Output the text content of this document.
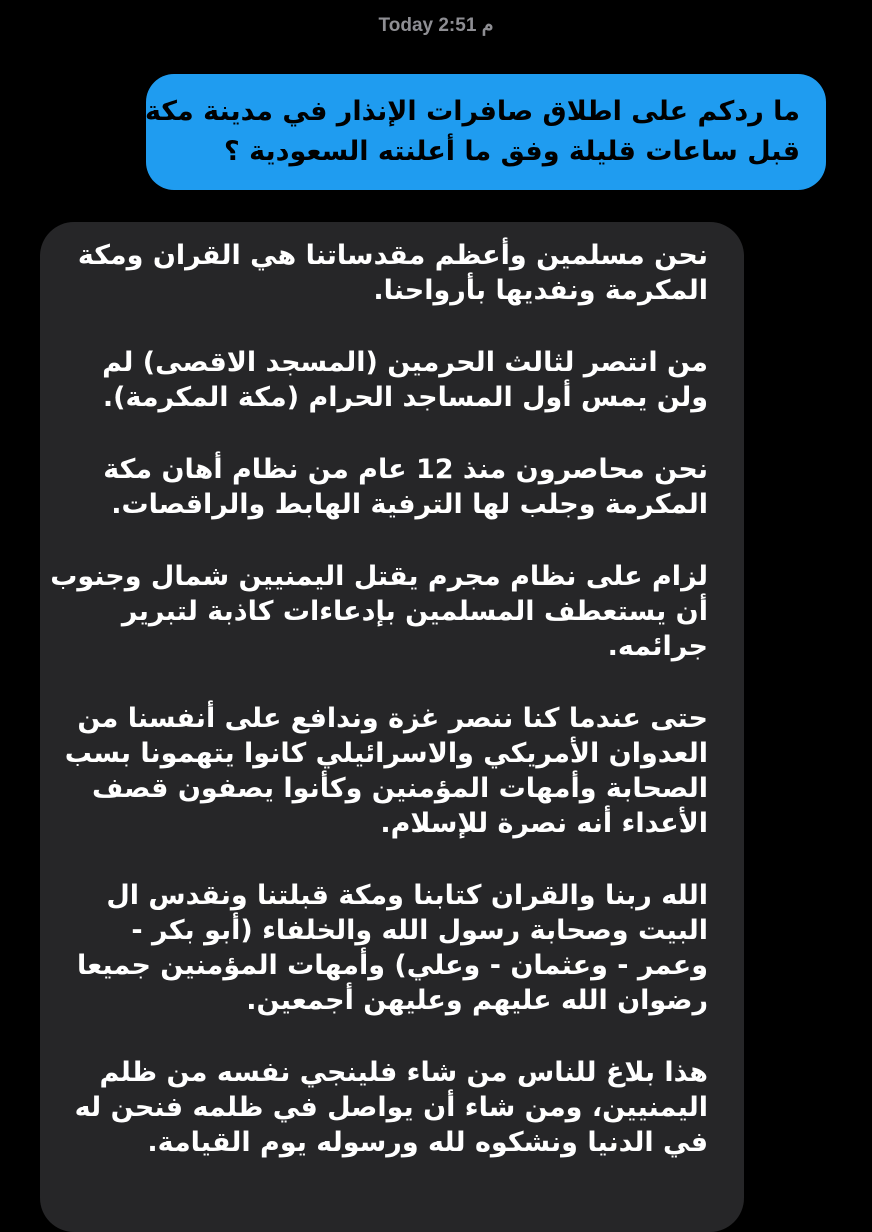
Today 2:51 م
ما ردكم على اطلاق صافرات الإنذار في مدينة مكة
قبل ساعات قليلة وفق ما أعلنته السعودية ؟
نحن مسلمين وأعظم مقدساتنا هي القران ومكة
المكرمة ونفديها بأرواحنا.
من انتصر لثالث الحرمين (المسجد الاقصى) لم
ولن يمس أول المساجد الحرام (مكة المكرمة).
نحن محاصرون منذ 12 عام من نظام أهان مكة
المكرمة وجلب لها الترفية الهابط والراقصات.
لزام على نظام مجرم يقتل اليمنيين شمال وجنوب
أن يستعطف المسلمين بإدعاءات كاذبة لتبرير
جرائمه.
حتى عندما كنا ننصر غزة وندافع على أنفسنا من
العدوان الأمريكي والاسرائيلي كانوا يتهمونا بسب
الصحابة وأمهات المؤمنين وكأنوا يصفون قصف
الأعداء أنه نصرة للإسلام.
الله ربنا والقران كتابنا ومكة قبلتنا ونقدس ال
البيت وصحابة رسول الله والخلفاء (أبو بكر -
وعمر - وعثمان - وعلي) وأمهات المؤمنين جميعا
رضوان الله عليهم وعليهن أجمعين.
هذا بلاغ للناس من شاء فلينجي نفسه من ظلم
اليمنيين، ومن شاء أن يواصل في ظلمه فنحن له
في الدنيا ونشكوه لله ورسوله يوم القيامة.
